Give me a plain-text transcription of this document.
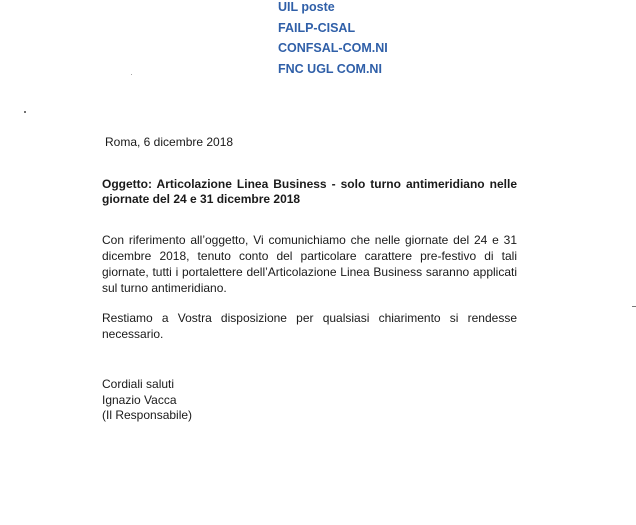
UIL poste
FAILP-CISAL
CONFSAL-COM.NI
FNC UGL COM.NI
Roma, 6 dicembre 2018
Oggetto: Articolazione Linea Business - solo turno antimeridiano nelle
giornate del 24 e 31 dicembre 2018
Con riferimento all’oggetto, Vi comunichiamo che nelle giornate del 24 e 31
dicembre 2018, tenuto conto del particolare carattere pre-festivo di tali
giornate, tutti i portalettere dell’Articolazione Linea Business saranno applicati
sul turno antimeridiano.
Restiamo a Vostra disposizione per qualsiasi chiarimento si rendesse
necessario.
Cordiali saluti
Ignazio Vacca
(Il Responsabile)
